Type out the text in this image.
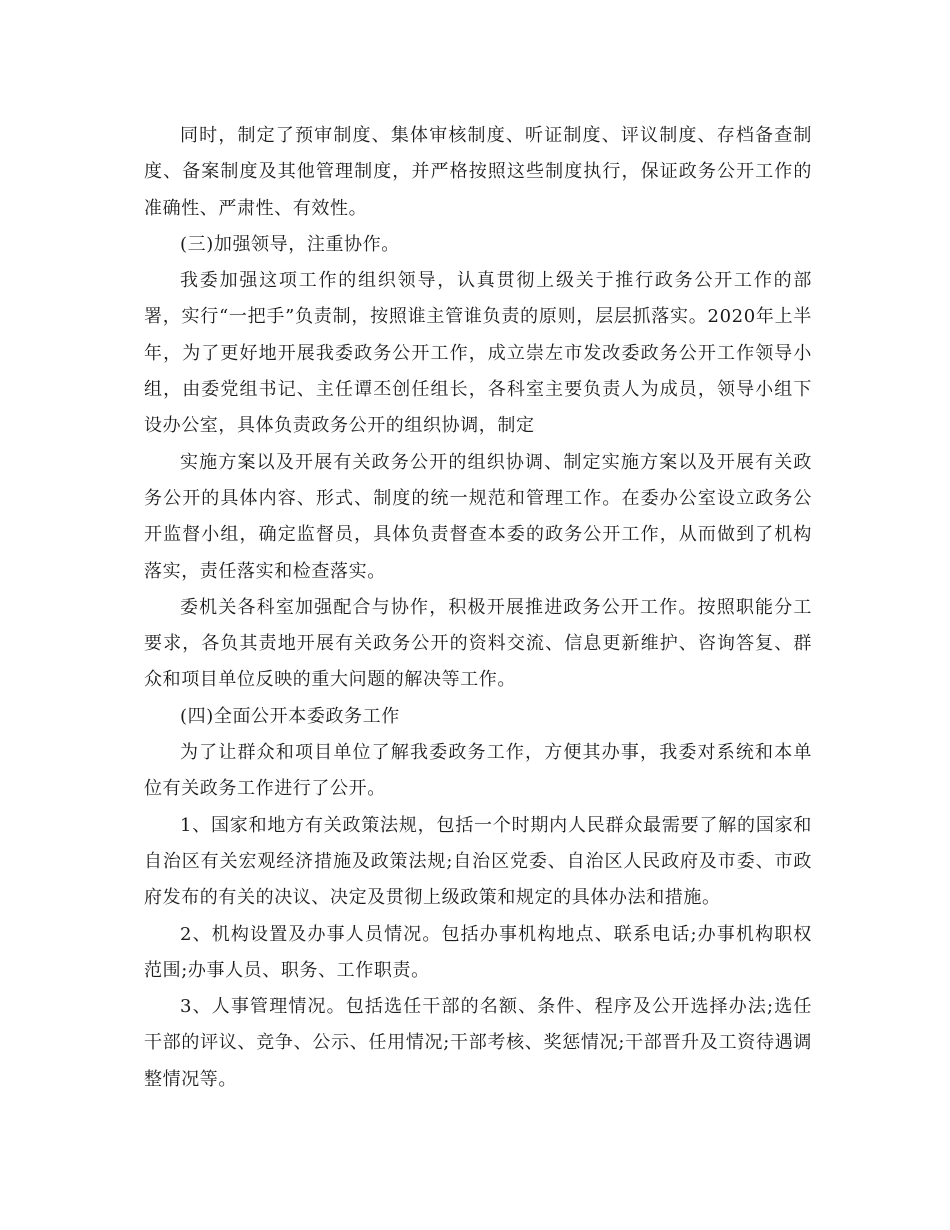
同时，制定了预审制度、集体审核制度、听证制度、评议制度、存档备查制度、备案制度及其他管理制度，并严格按照这些制度执行，保证政务公开工作的准确性、严肃性、有效性。

(三)加强领导，注重协作。

我委加强这项工作的组织领导，认真贯彻上级关于推行政务公开工作的部署，实行“一把手”负责制，按照谁主管谁负责的原则，层层抓落实。2020年上半年，为了更好地开展我委政务公开工作，成立崇左市发改委政务公开工作领导小组，由委党组书记、主任谭丕创任组长，各科室主要负责人为成员，领导小组下设办公室，具体负责政务公开的组织协调，制定

实施方案以及开展有关政务公开的组织协调、制定实施方案以及开展有关政务公开的具体内容、形式、制度的统一规范和管理工作。在委办公室设立政务公开监督小组，确定监督员，具体负责督查本委的政务公开工作，从而做到了机构落实，责任落实和检查落实。

委机关各科室加强配合与协作，积极开展推进政务公开工作。按照职能分工要求，各负其责地开展有关政务公开的资料交流、信息更新维护、咨询答复、群众和项目单位反映的重大问题的解决等工作。

(四)全面公开本委政务工作

为了让群众和项目单位了解我委政务工作，方便其办事，我委对系统和本单位有关政务工作进行了公开。

1、国家和地方有关政策法规，包括一个时期内人民群众最需要了解的国家和自治区有关宏观经济措施及政策法规;自治区党委、自治区人民政府及市委、市政府发布的有关的决议、决定及贯彻上级政策和规定的具体办法和措施。

2、机构设置及办事人员情况。包括办事机构地点、联系电话;办事机构职权范围;办事人员、职务、工作职责。

3、人事管理情况。包括选任干部的名额、条件、程序及公开选择办法;选任干部的评议、竞争、公示、任用情况;干部考核、奖惩情况;干部晋升及工资待遇调整情况等。
